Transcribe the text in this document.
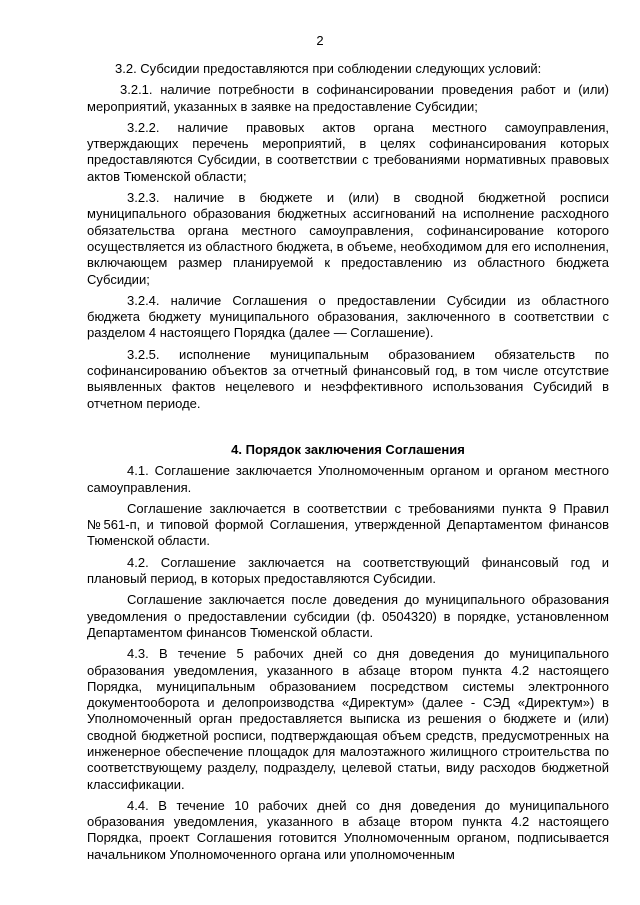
2

3.2. Субсидии предоставляются при соблюдении следующих условий:

3.2.1. наличие потребности в софинансировании проведения работ и (или) мероприятий, указанных в заявке на предоставление Субсидии;

3.2.2. наличие правовых актов органа местного самоуправления, утверждающих перечень мероприятий, в целях софинансирования которых предоставляются Субсидии, в соответствии с требованиями нормативных правовых актов Тюменской области;

3.2.3. наличие в бюджете и (или) в сводной бюджетной росписи муниципального образования бюджетных ассигнований на исполнение расходного обязательства органа местного самоуправления, софинансирование которого осуществляется из областного бюджета, в объеме, необходимом для его исполнения, включающем размер планируемой к предоставлению из областного бюджета Субсидии;

3.2.4. наличие Соглашения о предоставлении Субсидии из областного бюджета бюджету муниципального образования, заключенного в соответствии с разделом 4 настоящего Порядка (далее — Соглашение).

3.2.5. исполнение муниципальным образованием обязательств по софинансированию объектов за отчетный финансовый год, в том числе отсутствие выявленных фактов нецелевого и неэффективного использования Субсидий в отчетном периоде.

4. Порядок заключения Соглашения

4.1. Соглашение заключается Уполномоченным органом и органом местного самоуправления.

Соглашение заключается в соответствии с требованиями пункта 9 Правил №561-п, и типовой формой Соглашения, утвержденной Департаментом финансов Тюменской области.

4.2. Соглашение заключается на соответствующий финансовый год и плановый период, в которых предоставляются Субсидии.

Соглашение заключается после доведения до муниципального образования уведомления о предоставлении субсидии (ф. 0504320) в порядке, установленном Департаментом финансов Тюменской области.

4.3. В течение 5 рабочих дней со дня доведения до муниципального образования уведомления, указанного в абзаце втором пункта 4.2 настоящего Порядка, муниципальным образованием посредством системы электронного документооборота и делопроизводства «Директум» (далее - СЭД «Директум») в Уполномоченный орган предоставляется выписка из решения о бюджете и (или) сводной бюджетной росписи, подтверждающая объем средств, предусмотренных на инженерное обеспечение площадок для малоэтажного жилищного строительства по соответствующему разделу, подразделу, целевой статьи, виду расходов бюджетной классификации.

4.4. В течение 10 рабочих дней со дня доведения до муниципального образования уведомления, указанного в абзаце втором пункта 4.2 настоящего Порядка, проект Соглашения готовится Уполномоченным органом, подписывается начальником Уполномоченного органа или уполномоченным
